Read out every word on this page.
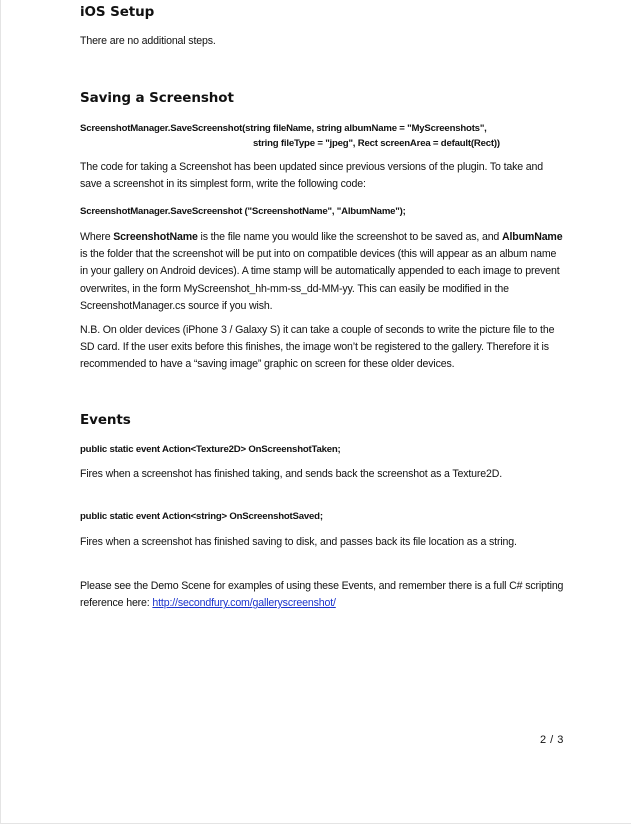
iOS Setup

There are no additional steps.

Saving a Screenshot
ScreenshotManager.SaveScreenshot(string fileName, string albumName = "MyScreenshots",
string fileType = "jpeg", Rect screenArea = default(Rect))

The code for taking a Screenshot has been updated since previous versions of the plugin. To take and save a screenshot in its simplest form, write the following code:

ScreenshotManager.SaveScreenshot ("ScreenshotName", "AlbumName");

Where ScreenshotName is the file name you would like the screenshot to be saved as, and AlbumName is the folder that the screenshot will be put into on compatible devices (this will appear as an album name in your gallery on Android devices). A time stamp will be automatically appended to each image to prevent overwrites, in the form MyScreenshot_hh-mm-ss_dd-MM-yy. This can easily be modified in the ScreenshotManager.cs source if you wish.

N.B. On older devices (iPhone 3 / Galaxy S) it can take a couple of seconds to write the picture file to the SD card. If the user exits before this finishes, the image won’t be registered to the gallery. Therefore it is recommended to have a “saving image” graphic on screen for these older devices.

Events

public static event Action<Texture2D> OnScreenshotTaken;

Fires when a screenshot has finished taking, and sends back the screenshot as a Texture2D.

public static event Action<string> OnScreenshotSaved;

Fires when a screenshot has finished saving to disk, and passes back its file location as a string.

Please see the Demo Scene for examples of using these Events, and remember there is a full C# scripting reference here: http://secondfury.com/galleryscreenshot/

2 / 3
